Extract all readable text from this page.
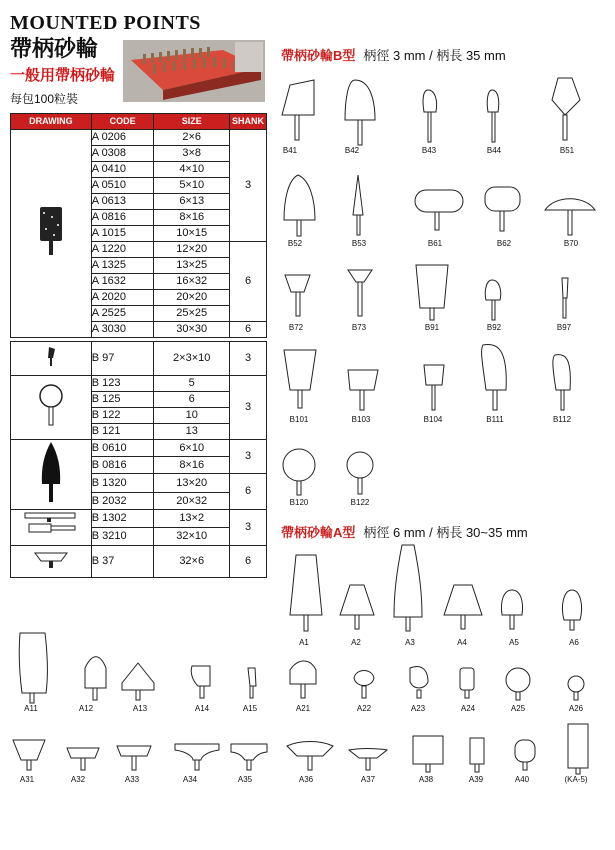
MOUNTED POINTS
帶柄砂輪
一般用帶柄砂輪
每包100粒裝
DRAWING	CODE	SIZE	SHANK
	A 0206	2×6	3
	A 0308	3×8	
	A 0410	4×10	
	A 0510	5×10	
	A 0613	6×13	
	A 0816	8×16	
	A 1015	10×15	
	A 1220	12×20	6
	A 1325	13×25	
	A 1632	16×32	
	A 2020	20×20	
	A 2525	25×25	
	A 3030	30×30	6

	B 97	2×3×10	3
	B 123	5	3
	B 125	6	
	B 122	10	
	B 121	13	
	B 0610	6×10	3
	B 0816	8×16	
	B 1320	13×20	6
	B 2032	20×32	
	B 1302	13×2	3
	B 3210	32×10	
	B 37	32×6	6
帶柄砂輪B型 柄徑 3 mm / 柄長 35 mm
帶柄砂輪A型 柄徑 6 mm / 柄長 30~35 mm
B41	B42	B43	B44	B51
B52	B53	B61	B62	B70
B72	B73	B91	B92	B97
B101	B103	B104	B111	B112
B120	B122
A1	A2	A3	A4	A5	A6
A11	A12	A13	A14	A15	A21	A22	A23	A24	A25	A26
A31	A32	A33	A34	A35	A36	A37	A38	A39	A40	(KA-5)
